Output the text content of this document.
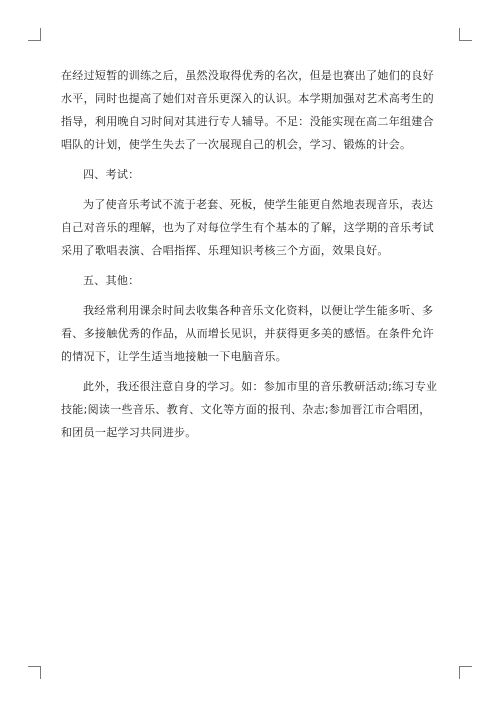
在经过短暂的训练之后，虽然没取得优秀的名次，但是也赛出了她们的良好水平，同时也提高了她们对音乐更深入的认识。本学期加强对艺术高考生的指导，利用晚自习时间对其进行专人辅导。不足：没能实现在高二年组建合唱队的计划，使学生失去了一次展现自己的机会，学习、锻炼的计会。

四、考试：

为了使音乐考试不流于老套、死板，使学生能更自然地表现音乐，表达自己对音乐的理解，也为了对每位学生有个基本的了解，这学期的音乐考试采用了歌唱表演、合唱指挥、乐理知识考核三个方面，效果良好。

五、其他：

我经常利用课余时间去收集各种音乐文化资料，以便让学生能多听、多看、多接触优秀的作品，从而增长见识，并获得更多美的感悟。在条件允许的情况下，让学生适当地接触一下电脑音乐。

此外，我还很注意自身的学习。如：参加市里的音乐教研活动;练习专业技能;阅读一些音乐、教育、文化等方面的报刊、杂志;参加晋江市合唱团，和团员一起学习共同进步。
